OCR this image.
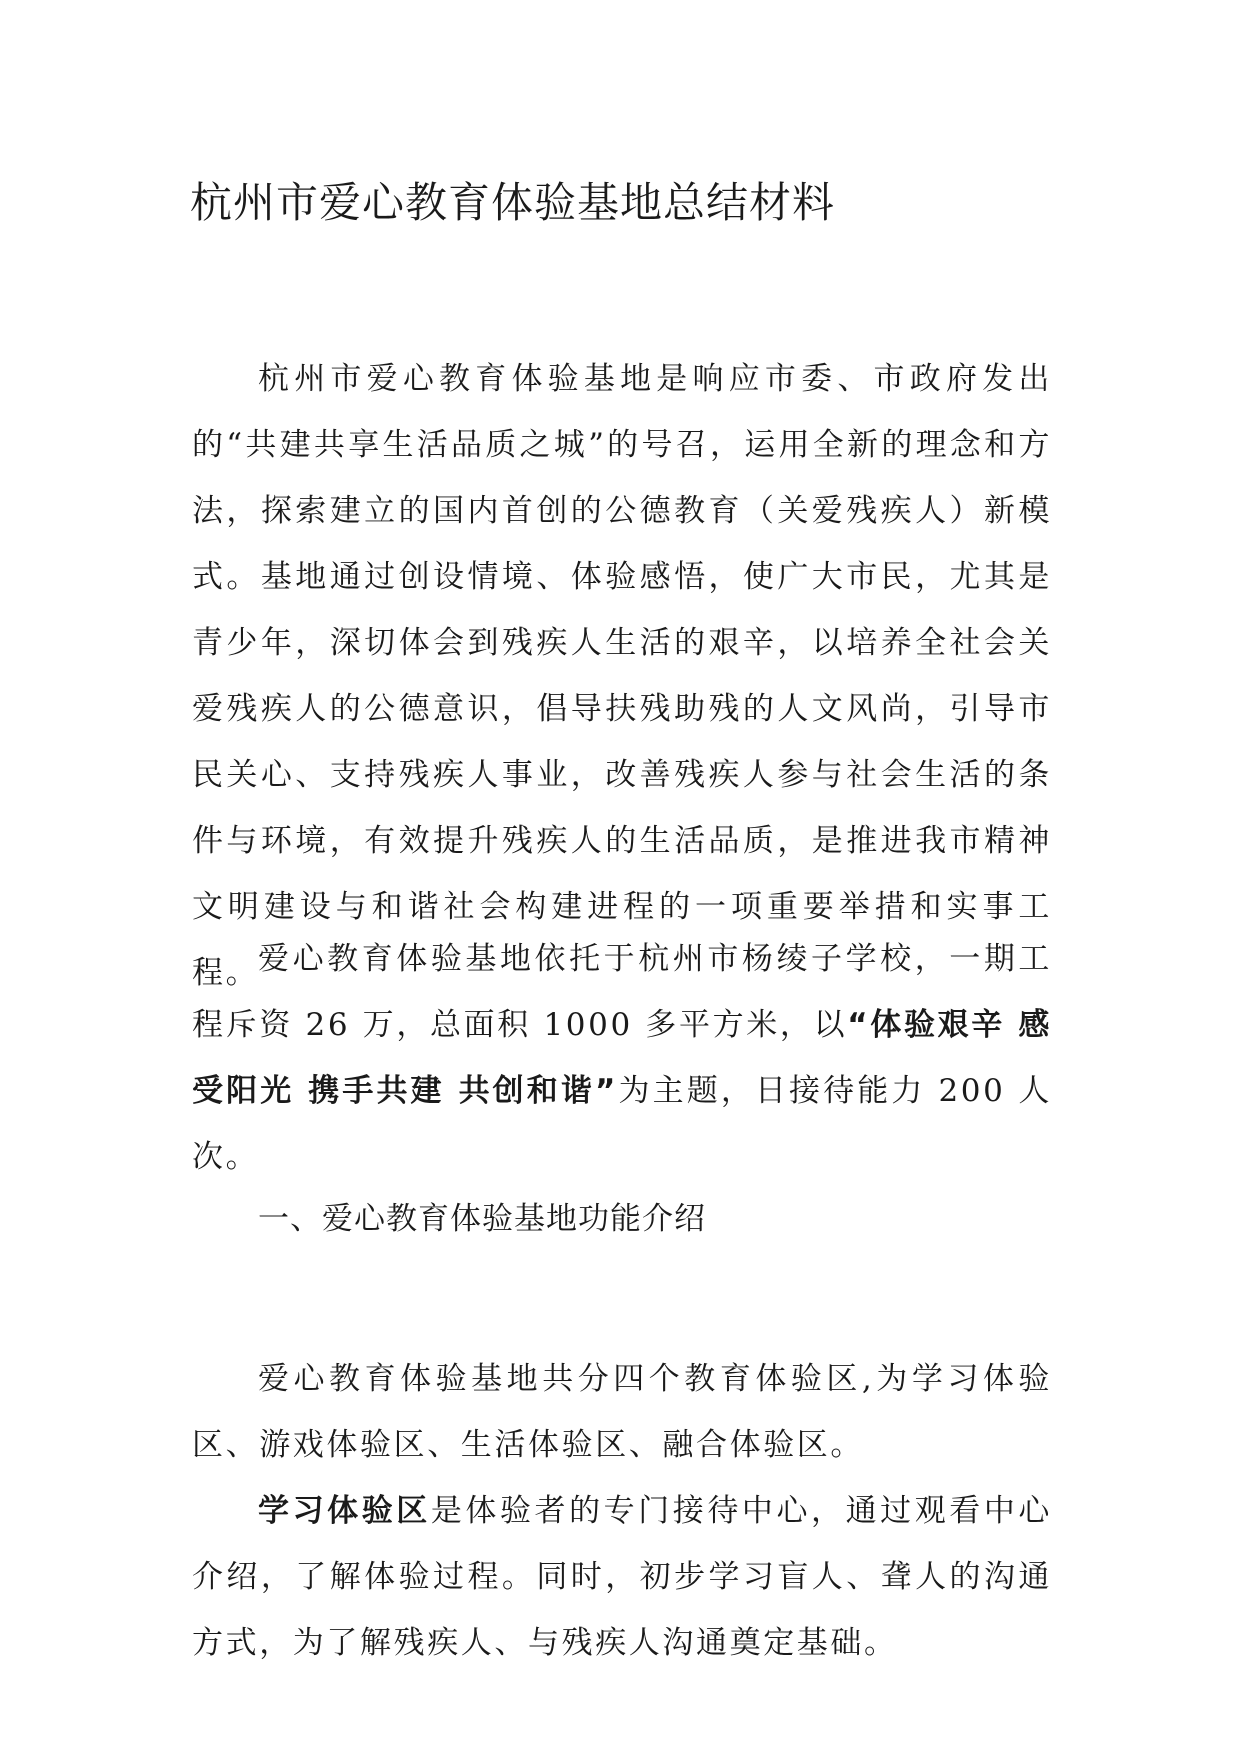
杭州市爱心教育体验基地总结材料

杭州市爱心教育体验基地是响应市委、市政府发出的“共建共享生活品质之城”的号召，运用全新的理念和方法，探索建立的国内首创的公德教育（关爱残疾人）新模式。基地通过创设情境、体验感悟，使广大市民，尤其是青少年，深切体会到残疾人生活的艰辛，以培养全社会关爱残疾人的公德意识，倡导扶残助残的人文风尚，引导市民关心、支持残疾人事业，改善残疾人参与社会生活的条件与环境，有效提升残疾人的生活品质，是推进我市精神文明建设与和谐社会构建进程的一项重要举措和实事工程。

爱心教育体验基地依托于杭州市杨绫子学校，一期工程斥资 26 万，总面积 1000 多平方米，以“体验艰辛 感受阳光 携手共建 共创和谐”为主题，日接待能力 200 人次。

一、爱心教育体验基地功能介绍

爱心教育体验基地共分四个教育体验区,为学习体验区、游戏体验区、生活体验区、融合体验区。

学习体验区是体验者的专门接待中心，通过观看中心介绍，了解体验过程。同时，初步学习盲人、聋人的沟通方式，为了解残疾人、与残疾人沟通奠定基础。
